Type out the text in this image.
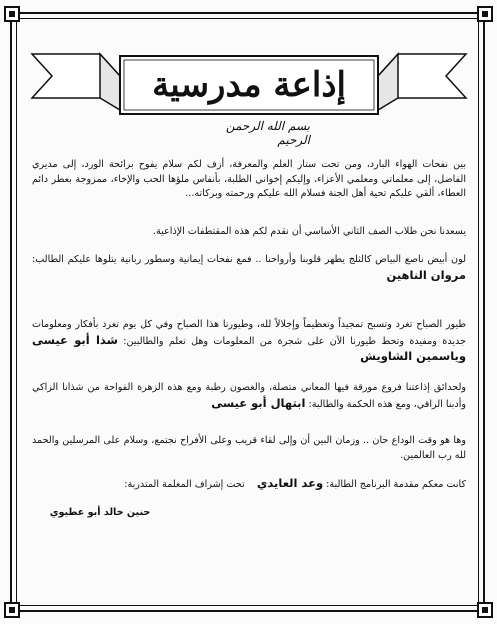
إذاعة مدرسية
بسم الله الرحمن الرحيم

بين نفحات الهواء البارد، ومن تحت ستار العلم والمعرفة، أزف لكم سلام يفوح برائحة الورد، إلى مديري الفاضل، إلى معلماتي ومعلمي الأعزاء، وإليكم إخواني الطلبة، بأنفاس ملؤها الحب والإخاء، ممزوجة بعطر دائم العطاء، ألقي عليكم تحية أهل الجنة فسلام الله عليكم ورحمته وبركاته...

يسعدنا نحن طلاب الصف الثاني الأساسي أن نقدم لكم هذه المقتطفات الإذاعية.

لون أبيض ناصع البياض كالثلج يطهر قلوبنا وأرواحنا .. فمع نفحات إيمانية وسطور ربانية يتلوها عليكم الطالب: مروان الناهين
طيور الصباح تغرد وتسبح تمجيداً وتعظيماً وإجلالاً لله، وطيورنا هذا الصباح وفي كل يوم تغرد بأفكار ومعلومات جديدة ومفيدة وتحط طيورنا الآن على شجرة من المعلومات وهل تعلم والطالبين: شذا أبو عيسى وياسمين الشاويش
ولحدائق إذاعتنا فروع مورقة فيها المعاني متصلة، والغصون رطبة ومع هذه الزهرة الفواحة من شذانا الزاكي وأدبنا الراقي، ومع هذه الحكمة والطالبة: ابتهال أبو عيسى

وها هو وقت الوداع حان .. وزمان البين أن وإلى لقاء قريب وعلى الأفراح نجتمع، وسلام على المرسلين والحمد لله رب العالمين.

كانت معكم مقدمة البرنامج الطالبة: وعد العايدي    تحت إشراف المعلمة المتدربة:
حنين خالد أبو عطيوي
